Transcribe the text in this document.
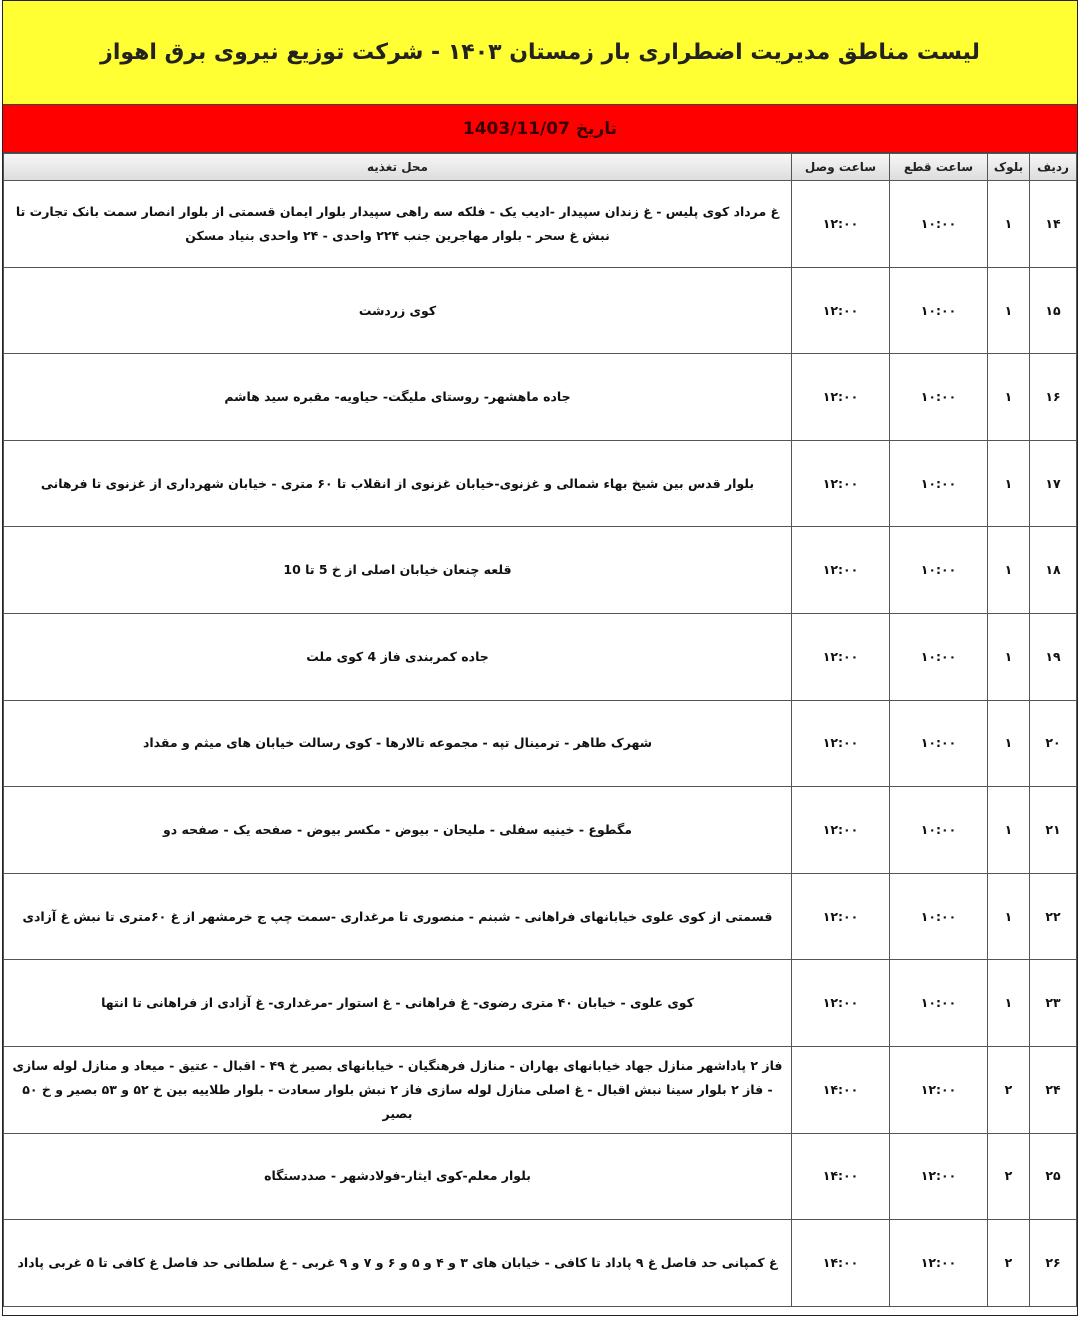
لیست مناطق مدیریت اضطراری بار زمستان ۱۴۰۳ - شرکت توزیع نیروی برق اهواز
تاریخ
1403/11/07
ردیف	بلوک	ساعت قطع	ساعت وصل	محل تغذیه
۱۴	۱	۱۰:۰۰	۱۲:۰۰	غ مرداد کوی پلیس - غ زندان سپیدار -ادیب یک - فلکه سه راهی سپیدار بلوار ایمان قسمتی از بلوار انصار سمت بانک تجارت تا نبش غ سحر - بلوار مهاجرین جنب ۲۲۴ واحدی - ۲۴ واحدی بنیاد مسکن
۱۵	۱	۱۰:۰۰	۱۲:۰۰	کوی زردشت
۱۶	۱	۱۰:۰۰	۱۲:۰۰	جاده ماهشهر- روستای ملیگت- حیاویه- مقبره سید هاشم
۱۷	۱	۱۰:۰۰	۱۲:۰۰	بلوار قدس بین شیخ بهاء شمالی و غزنوی-خیابان غزنوی از انقلاب تا ۶۰ متری - خیابان شهرداری از غزنوی تا فرهانی
۱۸	۱	۱۰:۰۰	۱۲:۰۰	قلعه چنعان خیابان اصلی از خ 5 تا 10
۱۹	۱	۱۰:۰۰	۱۲:۰۰	جاده کمربندی فاز 4 کوی ملت
۲۰	۱	۱۰:۰۰	۱۲:۰۰	شهرک طاهر - ترمینال تپه - مجموعه تالارها - کوی رسالت خیابان های میثم و مقداد
۲۱	۱	۱۰:۰۰	۱۲:۰۰	مگطوع - خینیه سفلی - ملیحان - بیوض - مکسر بیوض - صفحه یک - صفحه دو
۲۲	۱	۱۰:۰۰	۱۲:۰۰	قسمتی از کوی علوی خیابانهای فراهانی - شبنم - منصوری تا مرغداری -سمت چپ ج خرمشهر از غ ۶۰متری تا نبش غ آزادی
۲۳	۱	۱۰:۰۰	۱۲:۰۰	کوی علوی - خیابان ۴۰ متری رضوی- غ فراهانی - غ استوار -مرغداری- غ آزادی از فراهانی تا انتها
۲۴	۲	۱۲:۰۰	۱۴:۰۰	فاز ۲ پاداشهر منازل جهاد خیابانهای بهاران - منازل فرهنگیان - خیابانهای بصیر خ ۴۹ - اقبال - عتیق - میعاد و منازل لوله سازی - فاز ۲ بلوار سینا نبش اقبال - غ اصلی منازل لوله سازی فاز ۲ نبش بلوار سعادت - بلوار طلاییه بین خ ۵۲ و ۵۳ بصیر و خ ۵۰ بصیر
۲۵	۲	۱۲:۰۰	۱۴:۰۰	بلوار معلم-کوی ایثار-فولادشهر - صددستگاه
۲۶	۲	۱۲:۰۰	۱۴:۰۰	غ کمپانی حد فاصل غ ۹ پاداد تا کافی - خیابان های ۳ و ۴ و ۵ و ۶ و ۷ و ۹ غربی - غ سلطانی حد فاصل غ کافی تا ۵ غربی پاداد
